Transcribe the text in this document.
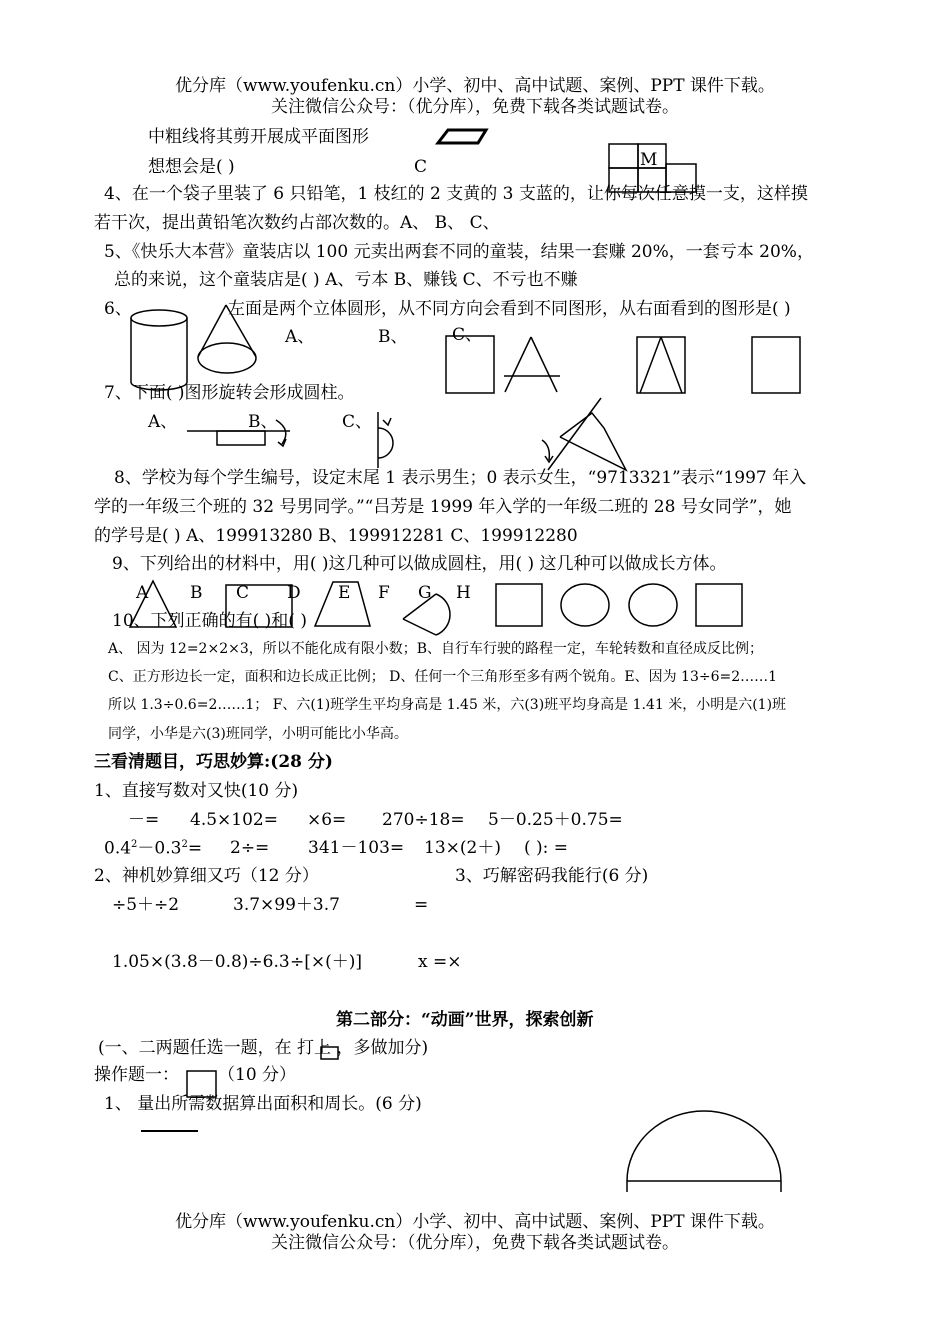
优分库（www.youfenku.cn）小学、初中、高中试题、案例、PPT 课件下载。
关注微信公众号：（优分库），免费下载各类试题试卷。
中粗线将其剪开展成平面图形
想想会是( )	C	M
4、在一个袋子里装了 6 只铅笔，1 枝红的 2 支黄的 3 支蓝的，让你每次任意摸一支，这样摸
若干次，提出黄铅笔次数约占部次数的。A、 B、 C、
5、《快乐大本营》童装店以 100 元卖出两套不同的童装，结果一套赚 20%，一套亏本 20%，
总的来说，这个童装店是( ) A、亏本 B、赚钱 C、不亏也不赚
6、	左面是两个立体圆形，从不同方向会看到不同图形，从右面看到的图形是( )
A、	B、	C、
7、下面( )图形旋转会形成圆柱。
A、	B、	C、
8、学校为每个学生编号，设定末尾 1 表示男生；0 表示女生，“9713321”表示“1997 年入
学的一年级三个班的 32 号男同学。”“吕芳是 1999 年入学的一年级二班的 28 号女同学”，她
的学号是( ) A、199913280 B、199912281 C、199912280
9、下列给出的材料中，用( )这几种可以做成圆柱，用( ) 这几种可以做成长方体。
A B C D E F G H
10、下列正确的有( )和( )
A、 因为 12=2×2×3，所以不能化成有限小数；B、自行车行驶的路程一定，车轮转数和直径成反比例；
C、正方形边长一定，面积和边长成正比例； D、任何一个三角形至多有两个锐角。E、因为 13÷6=2……1
所以 1.3÷0.6=2……1； F、六(1)班学生平均身高是 1.45 米，六(3)班平均身高是 1.41 米，小明是六(1)班
同学，小华是六(3)班同学，小明可能比小华高。
三看清题目，巧思妙算:(28 分)
1、直接写数对又快(10 分)
－= 4.5×102= ×6= 270÷18= 5－0.25＋0.75=
$0.4^2-0.3^2= 2\div= 341-103= 13\times(2+)$ ( ): =
2、神机妙算细又巧（12 分）	3、巧解密码我能行(6 分)
÷5＋÷2	3.7×99＋3.7	=
1.05×(3.8－0.8)÷6.3 ÷[×(＋)]	x =×
第二部分：“动画”世界，探索创新
(一、二两题任选一题，在 打上 ，多做加分)
操作题一： （10 分）
1、 量出所需数据算出面积和周长。(6 分)
优分库（www.youfenku.cn）小学、初中、高中试题、案例、PPT 课件下载。
关注微信公众号：（优分库），免费下载各类试题试卷。
